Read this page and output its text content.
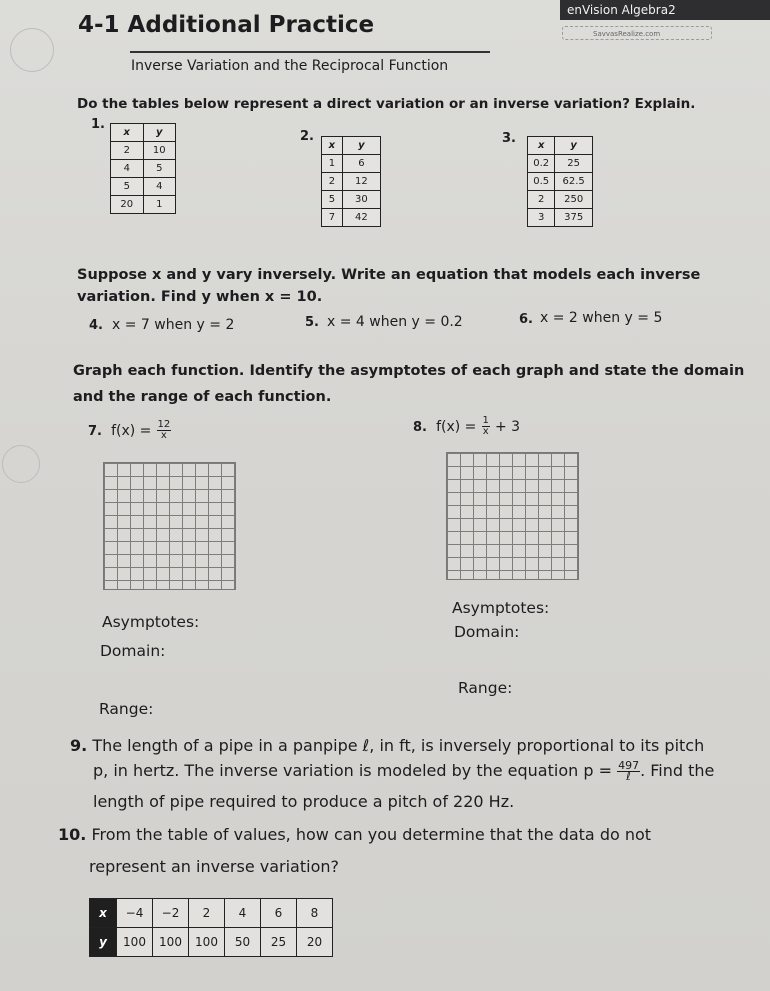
enVision Algebra2
SavvasRealize.com
4-1 Additional Practice
Inverse Variation and the Reciprocal Function
Do the tables below represent a direct variation or an inverse variation? Explain.
1.
x	y
2	10
4	5
5	4
20	1
2.
x	y
1	6
2	12
5	30
7	42
3. x	y
0.2	25
0.5	62.5
2	250
3	375
Suppose x and y vary inversely. Write an equation that models each inverse
variation. Find y when x = 10.
4. x = 7 when y = 2	5. x = 4 when y = 0.2	6. x = 2 when y = 5
Graph each function. Identify the asymptotes of each graph and state the domain
and the range of each function.
7. $f(x) = \frac{12}{x}$	8. $f(x) = \frac{1}{x} + 3$
Asymptotes:
Domain:
Range:
Asymptotes:
Domain:
Range:
9. The length of a pipe in a panpipe ℓ, in ft, is inversely proportional to its pitch
p, in hertz. The inverse variation is modeled by the equation $p = \frac{497}{\text{ℓ}}$ . Find the
length of pipe required to produce a pitch of 220 Hz.
10. From the table of values, how can you determine that the data do not
represent an inverse variation?
x	−4	−2	2	4	6	8
y	100	100	100	50	25	20
